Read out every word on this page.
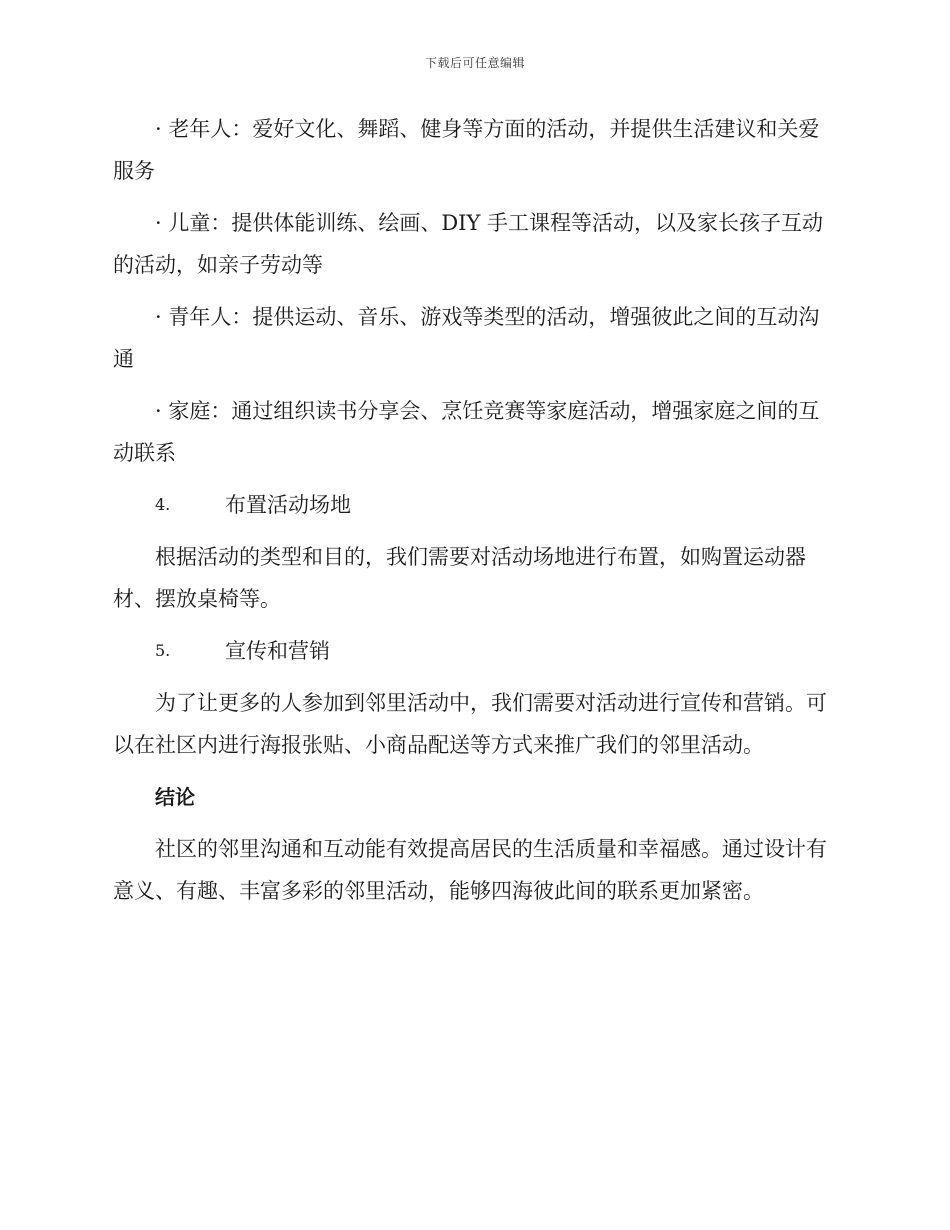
下载后可任意编辑

· 老年人：爱好文化、舞蹈、健身等方面的活动，并提供生活建议和关爱服务

· 儿童：提供体能训练、绘画、DIY 手工课程等活动，以及家长孩子互动的活动，如亲子劳动等

· 青年人：提供运动、音乐、游戏等类型的活动，增强彼此之间的互动沟通

· 家庭：通过组织读书分享会、烹饪竞赛等家庭活动，增强家庭之间的互动联系

4.	布置活动场地

根据活动的类型和目的，我们需要对活动场地进行布置，如购置运动器材、摆放桌椅等。

5.	宣传和营销

为了让更多的人参加到邻里活动中，我们需要对活动进行宣传和营销。可以在社区内进行海报张贴、小商品配送等方式来推广我们的邻里活动。

结论

社区的邻里沟通和互动能有效提高居民的生活质量和幸福感。通过设计有意义、有趣、丰富多彩的邻里活动，能够四海彼此间的联系更加紧密。
